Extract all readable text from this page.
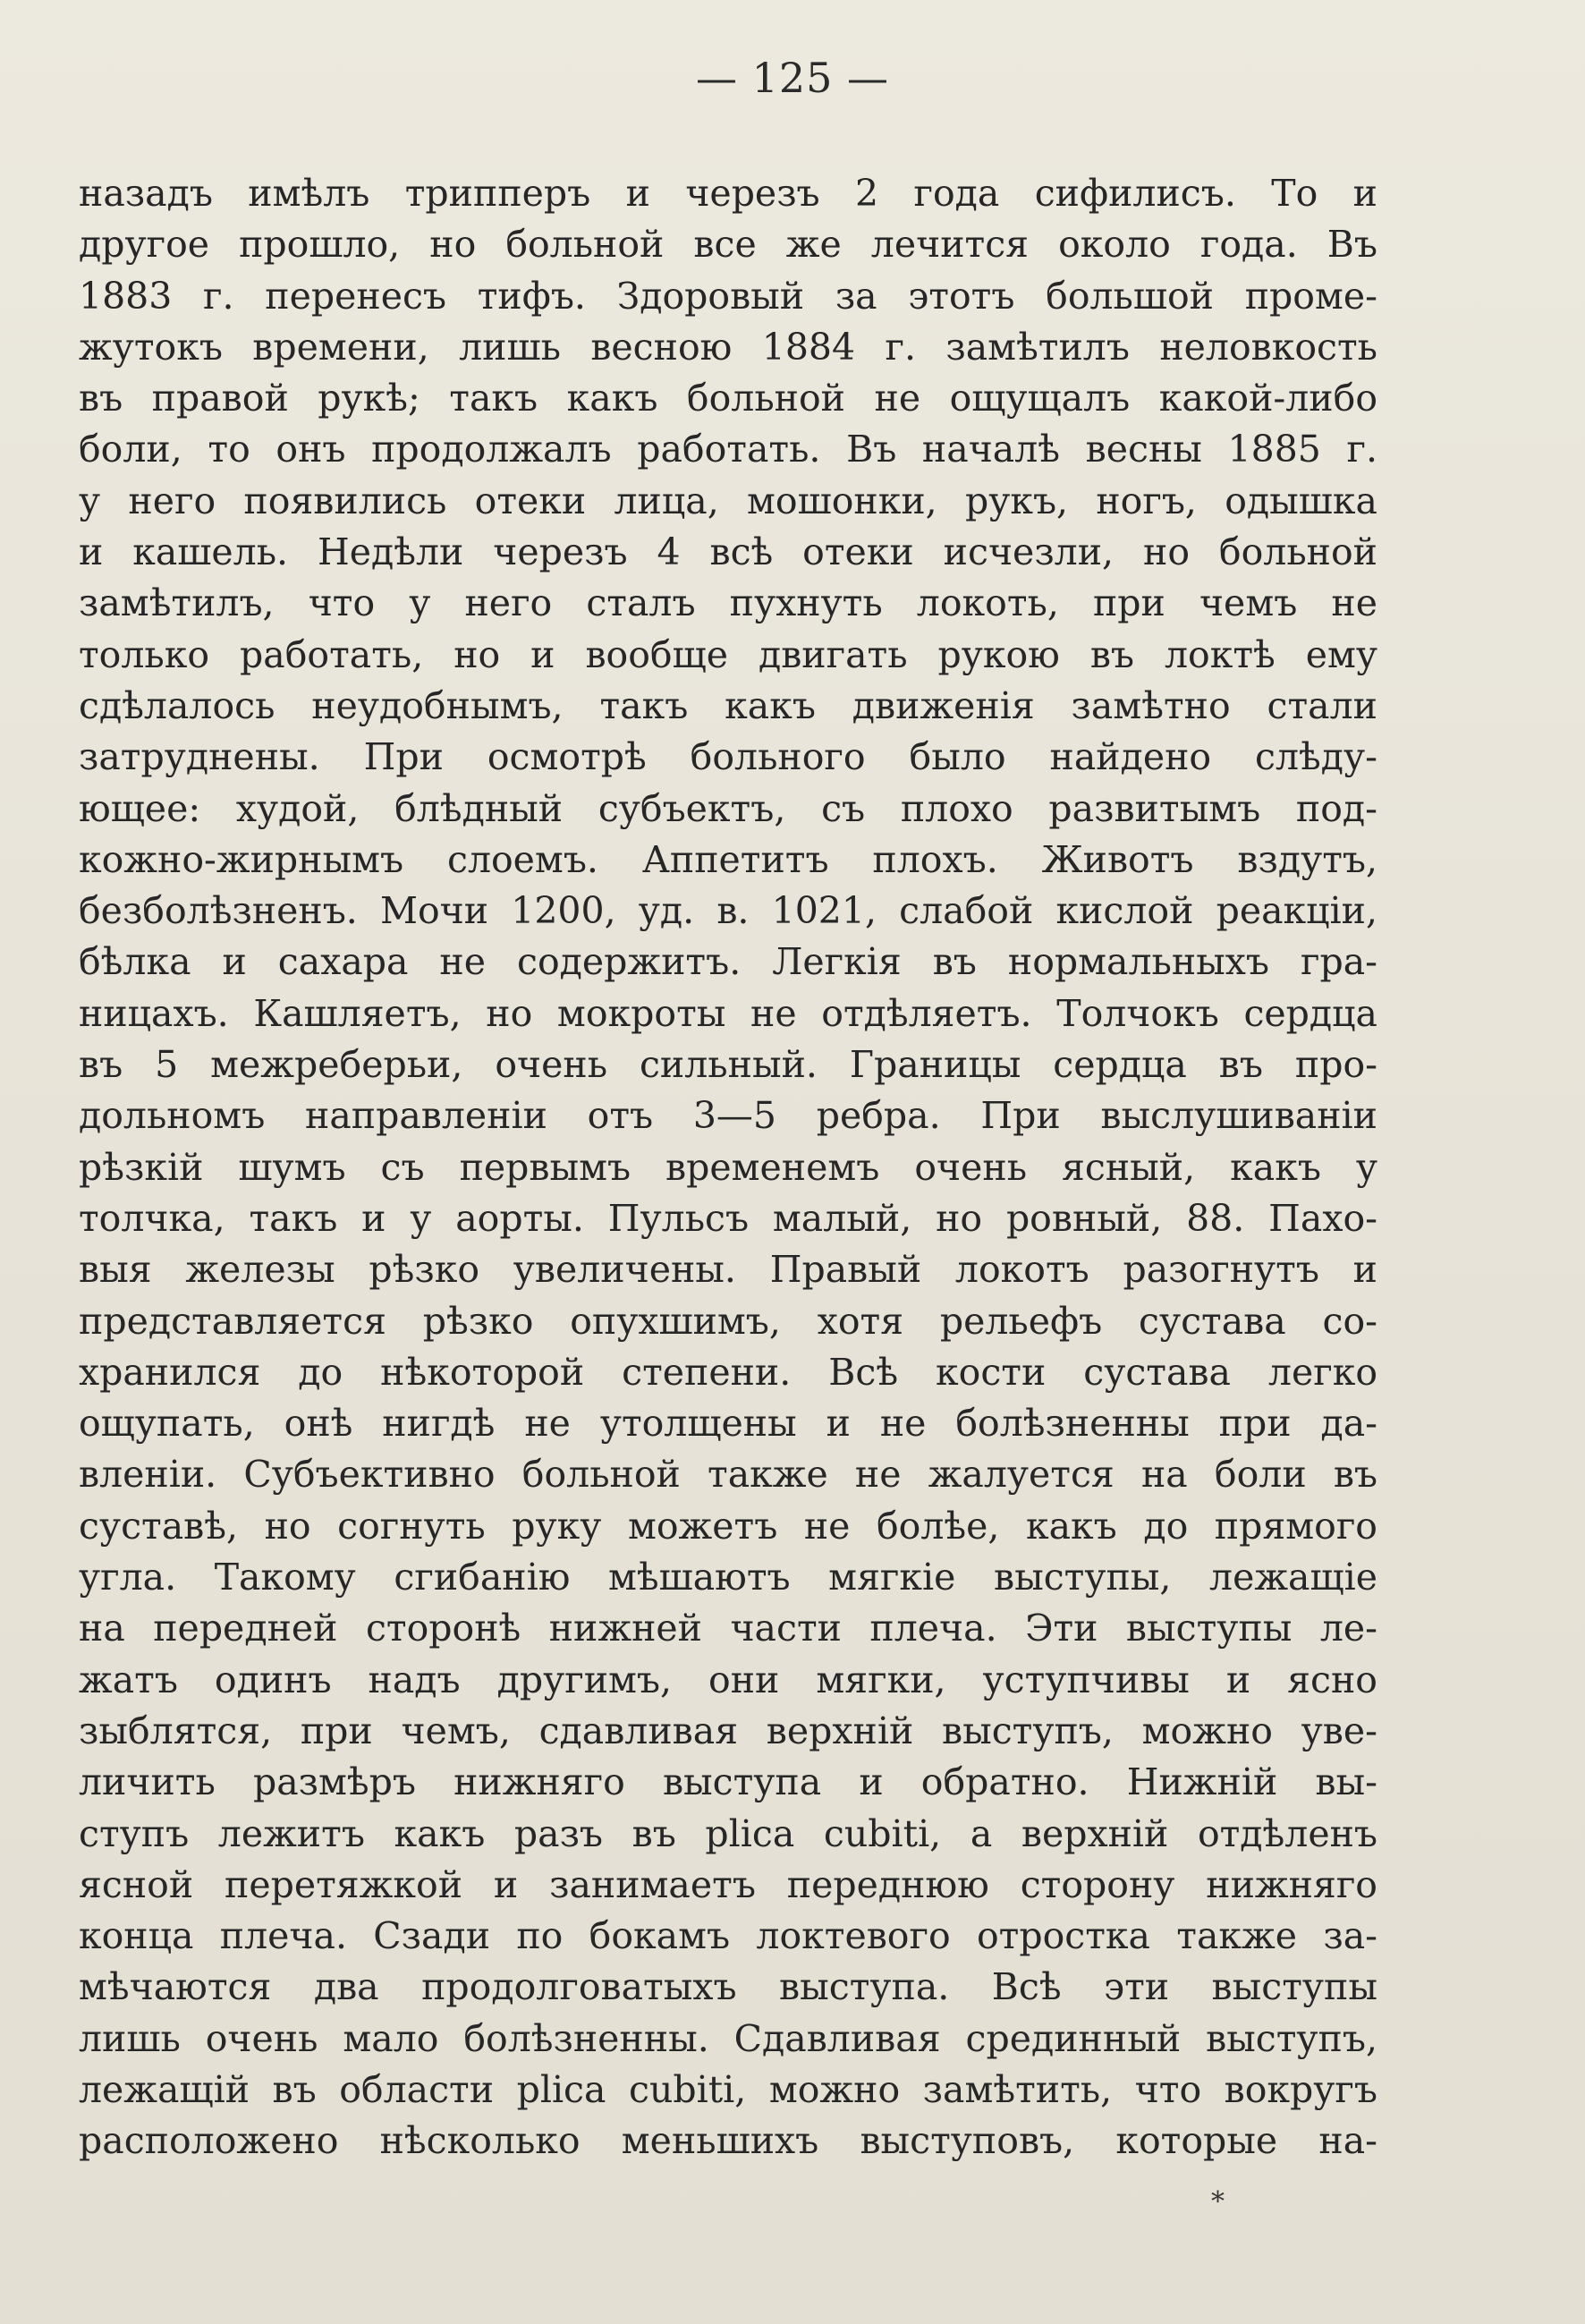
— 125 —
назадъ имѣлъ трипперъ и черезъ 2 года сифилисъ. То и
другое прошло, но больной все же лечится около года. Въ
1883 г. перенесъ тифъ. Здоровый за этотъ большой проме-
жутокъ времени, лишь весною 1884 г. замѣтилъ неловкость
въ правой рукѣ; такъ какъ больной не ощущалъ какой-либо
боли, то онъ продолжалъ работать. Въ началѣ весны 1885 г.
у него появились отеки лица, мошонки, рукъ, ногъ, одышка
и кашель. Недѣли черезъ 4 всѣ отеки исчезли, но больной
замѣтилъ, что у него сталъ пухнуть локоть, при чемъ не
только работать, но и вообще двигать рукою въ локтѣ ему
сдѣлалось неудобнымъ, такъ какъ движенія замѣтно стали
затруднены. При осмотрѣ больного было найдено слѣду-
ющее: худой, блѣдный субъектъ, съ плохо развитымъ под-
кожно-жирнымъ слоемъ. Аппетитъ плохъ. Животъ вздутъ,
безболѣзненъ. Мочи 1200, уд. в. 1021, слабой кислой реакціи,
бѣлка и сахара не содержитъ. Легкія въ нормальныхъ гра-
ницахъ. Кашляетъ, но мокроты не отдѣляетъ. Толчокъ сердца
въ 5 межреберьи, очень сильный. Границы сердца въ про-
дольномъ направленіи отъ 3—5 ребра. При выслушиваніи
рѣзкій шумъ съ первымъ временемъ очень ясный, какъ у
толчка, такъ и у аорты. Пульсъ малый, но ровный, 88. Пахо-
выя железы рѣзко увеличены. Правый локотъ разогнутъ и
представляется рѣзко опухшимъ, хотя рельефъ сустава со-
хранился до нѣкоторой степени. Всѣ кости сустава легко
ощупать, онѣ нигдѣ не утолщены и не болѣзненны при да-
вленіи. Субъективно больной также не жалуется на боли въ
суставѣ, но согнуть руку можетъ не болѣе, какъ до прямого
угла. Такому сгибанію мѣшаютъ мягкіе выступы, лежащіе
на передней сторонѣ нижней части плеча. Эти выступы ле-
жатъ одинъ надъ другимъ, они мягки, уступчивы и ясно
зыблятся, при чемъ, сдавливая верхній выступъ, можно уве-
личить размѣръ нижняго выступа и обратно. Нижній вы-
ступъ лежитъ какъ разъ въ plica cubiti, а верхній отдѣленъ
ясной перетяжкой и занимаетъ переднюю сторону нижняго
конца плеча. Сзади по бокамъ локтевого отростка также за-
мѣчаются два продолговатыхъ выступа. Всѣ эти выступы
лишь очень мало болѣзненны. Сдавливая срединный выступъ,
лежащій въ области plica cubiti, можно замѣтить, что вокругъ
расположено нѣсколько меньшихъ выступовъ, которые на-
*
